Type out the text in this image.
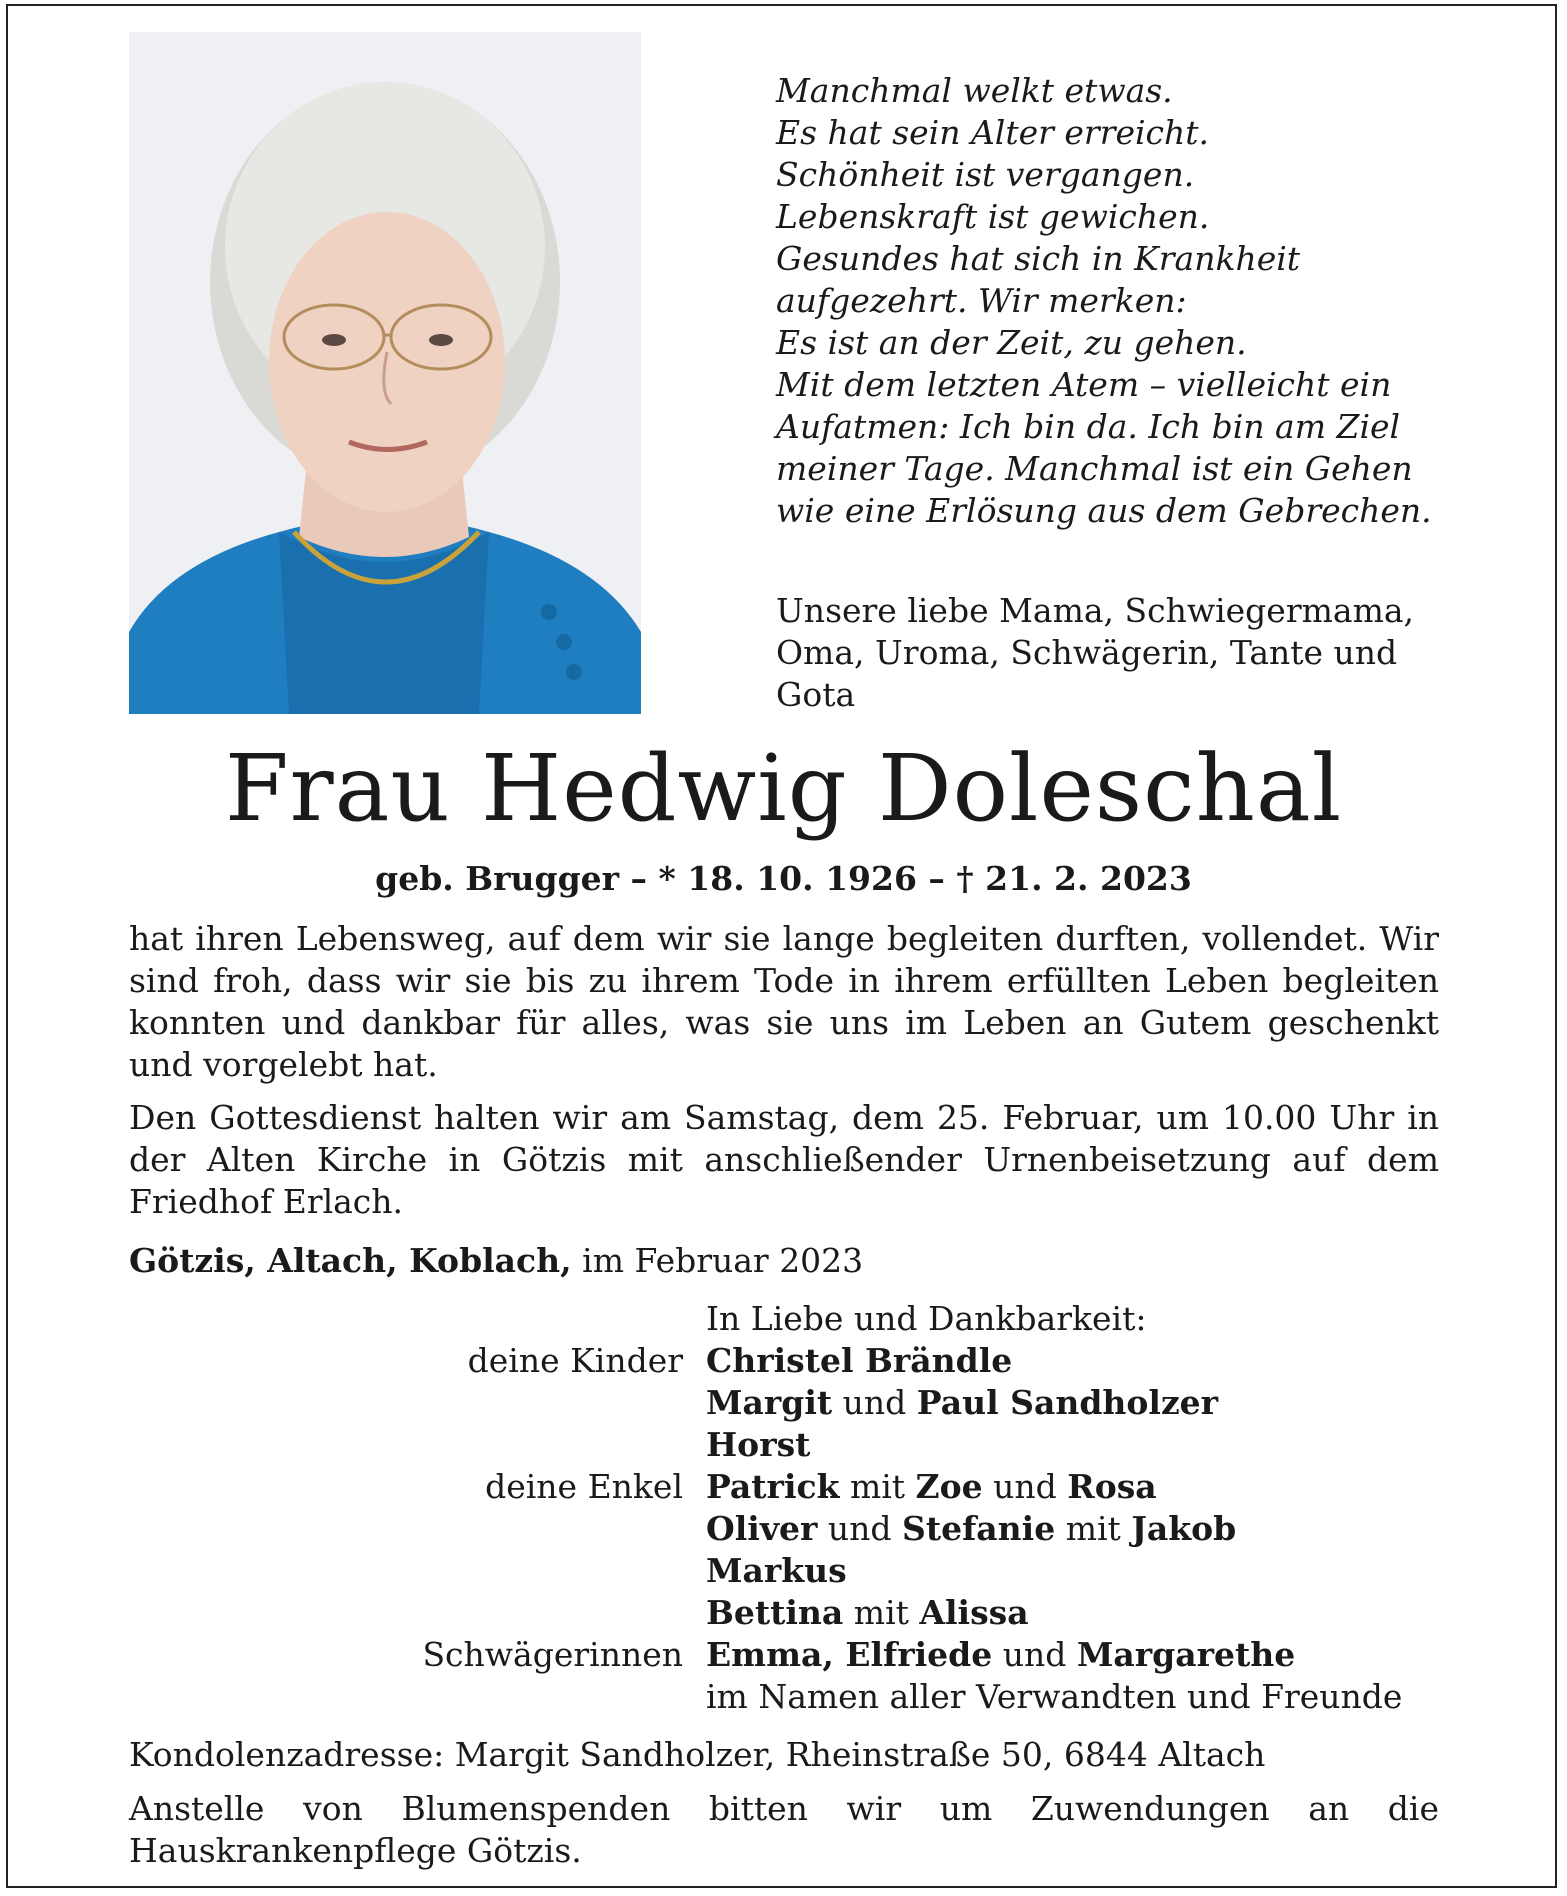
Manchmal welkt etwas.
Es hat sein Alter erreicht.
Schönheit ist vergangen.
Lebenskraft ist gewichen.
Gesundes hat sich in Krankheit
aufgezehrt. Wir merken:
Es ist an der Zeit, zu gehen.
Mit dem letzten Atem – vielleicht ein
Aufatmen: Ich bin da. Ich bin am Ziel
meiner Tage. Manchmal ist ein Gehen
wie eine Erlösung aus dem Gebrechen.
Unsere liebe Mama, Schwiegermama,
Oma, Uroma, Schwägerin, Tante und
Gota
Frau Hedwig Doleschal
geb. Brugger – * 18. 10. 1926 – † 21. 2. 2023
hat ihren Lebensweg, auf dem wir sie lange begleiten durften, vollendet. Wir sind froh, dass wir sie bis zu ihrem Tode in ihrem erfüllten Leben begleiten konnten und dankbar für alles, was sie uns im Leben an Gutem geschenkt und vorgelebt hat.
Den Gottesdienst halten wir am Samstag, dem 25. Februar, um 10.00 Uhr in der Alten Kirche in Götzis mit anschließender Urnenbeisetzung auf dem Friedhof Erlach.
Götzis, Altach, Koblach, im Februar 2023
In Liebe und Dankbarkeit:
deine Kinder Christel Brändle
Margit und Paul Sandholzer
Horst
deine Enkel Patrick mit Zoe und Rosa
Oliver und Stefanie mit Jakob
Markus
Bettina mit Alissa
Schwägerinnen Emma, Elfriede und Margarethe
im Namen aller Verwandten und Freunde
Kondolenzadresse: Margit Sandholzer, Rheinstraße 50, 6844 Altach
Anstelle von Blumenspenden bitten wir um Zuwendungen an die Hauskrankenpflege Götzis.
